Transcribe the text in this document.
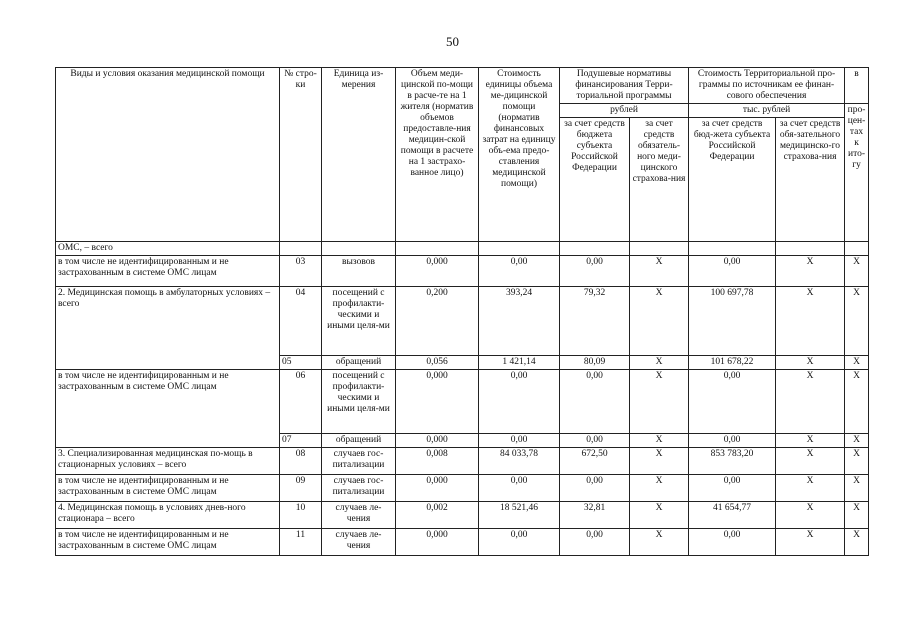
50
Виды и условия оказания медицинской помощи	№ стро-ки	Единица из-мерения	Объем меди-цинской по-мощи в расче-те на 1 жителя (норматив объемов предоставле-ния медицин-ской помощи в расчете на 1 застрахо-ванное лицо)	Стоимость единицы объема ме-дицинской помощи (норматив финансовых затрат на единицу объ-ема предо-ставления медицинской помощи)	Подушевые нормативы финансирования Терри-ториальной программы		Стоимость Территориальной про-граммы по источникам ее финан-сового обеспечения		в
					рублей		тыс. рублей		про-цен-тах к ито-гу
					за счет средств бюджета субъекта Российской Федерации	за счет средств обязатель-ного меди-цинского страхова-ния	за счет средств бюд-жета субъекта Российской Федерации	за счет средств обя-зательного медицинско-го страхова-ния	
ОМС, – всего									
в том числе не идентифицированным и не застрахованным в системе ОМС лицам	03	вызовов	0,000	0,00	0,00	X	0,00	X	X
2. Медицинская помощь в амбулаторных условиях – всего	04	посещений с профилакти-ческими и иными целя-ми	0,200	393,24	79,32	X	100 697,78	X	X
	05	обращений	0,056	1 421,14	80,09	X	101 678,22	X	X
в том числе не идентифицированным и не застрахованным в системе ОМС лицам	06	посещений с профилакти-ческими и иными целя-ми	0,000	0,00	0,00	X	0,00	X	X
	07	обращений	0,000	0,00	0,00	X	0,00	X	X
3. Специализированная медицинская по-мощь в стационарных условиях – всего	08	случаев гос-питализации	0,008	84 033,78	672,50	X	853 783,20	X	X
в том числе не идентифицированным и не застрахованным в системе ОМС лицам	09	случаев гос-питализации	0,000	0,00	0,00	X	0,00	X	X
4. Медицинская помощь в условиях днев-ного стационара – всего	10	случаев ле-чения	0,002	18 521,46	32,81	X	41 654,77	X	X
в том числе не идентифицированным и не застрахованным в системе ОМС лицам	11	случаев ле-чения	0,000	0,00	0,00	X	0,00	X	X
